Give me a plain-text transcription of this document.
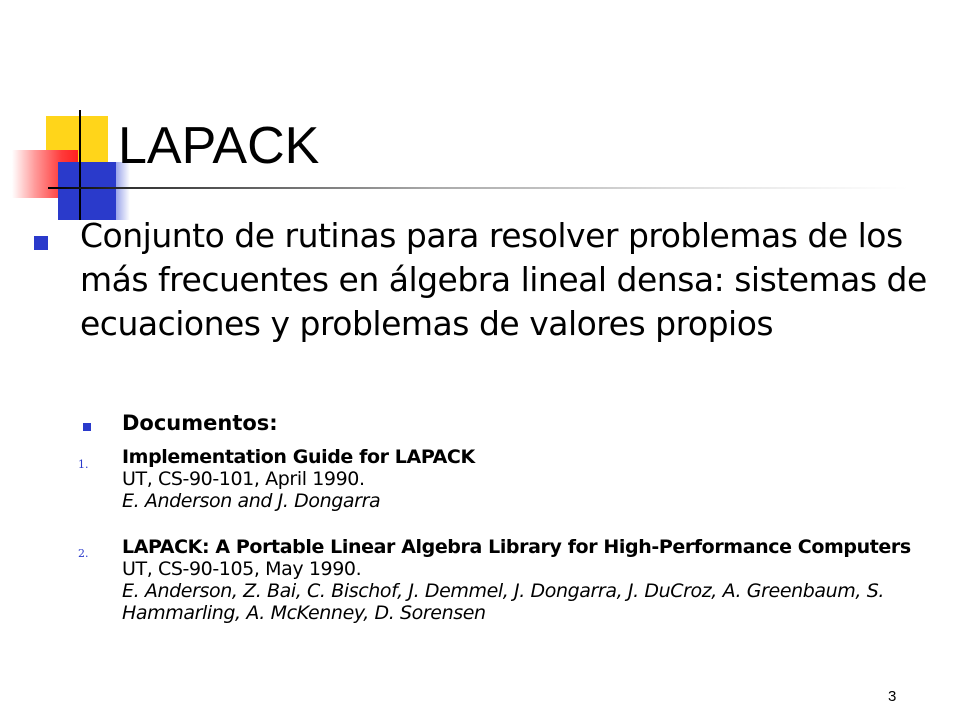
LAPACK

Conjunto de rutinas para resolver problemas de los más frecuentes en álgebra lineal densa: sistemas de ecuaciones y problemas de valores propios

Documentos:

1. Implementation Guide for LAPACK
UT, CS-90-101, April 1990.
E. Anderson and J. Dongarra

2. LAPACK: A Portable Linear Algebra Library for High-Performance Computers
UT, CS-90-105, May 1990.
E. Anderson, Z. Bai, C. Bischof, J. Demmel, J. Dongarra, J. DuCroz, A. Greenbaum, S. Hammarling, A. McKenney, D. Sorensen

3
